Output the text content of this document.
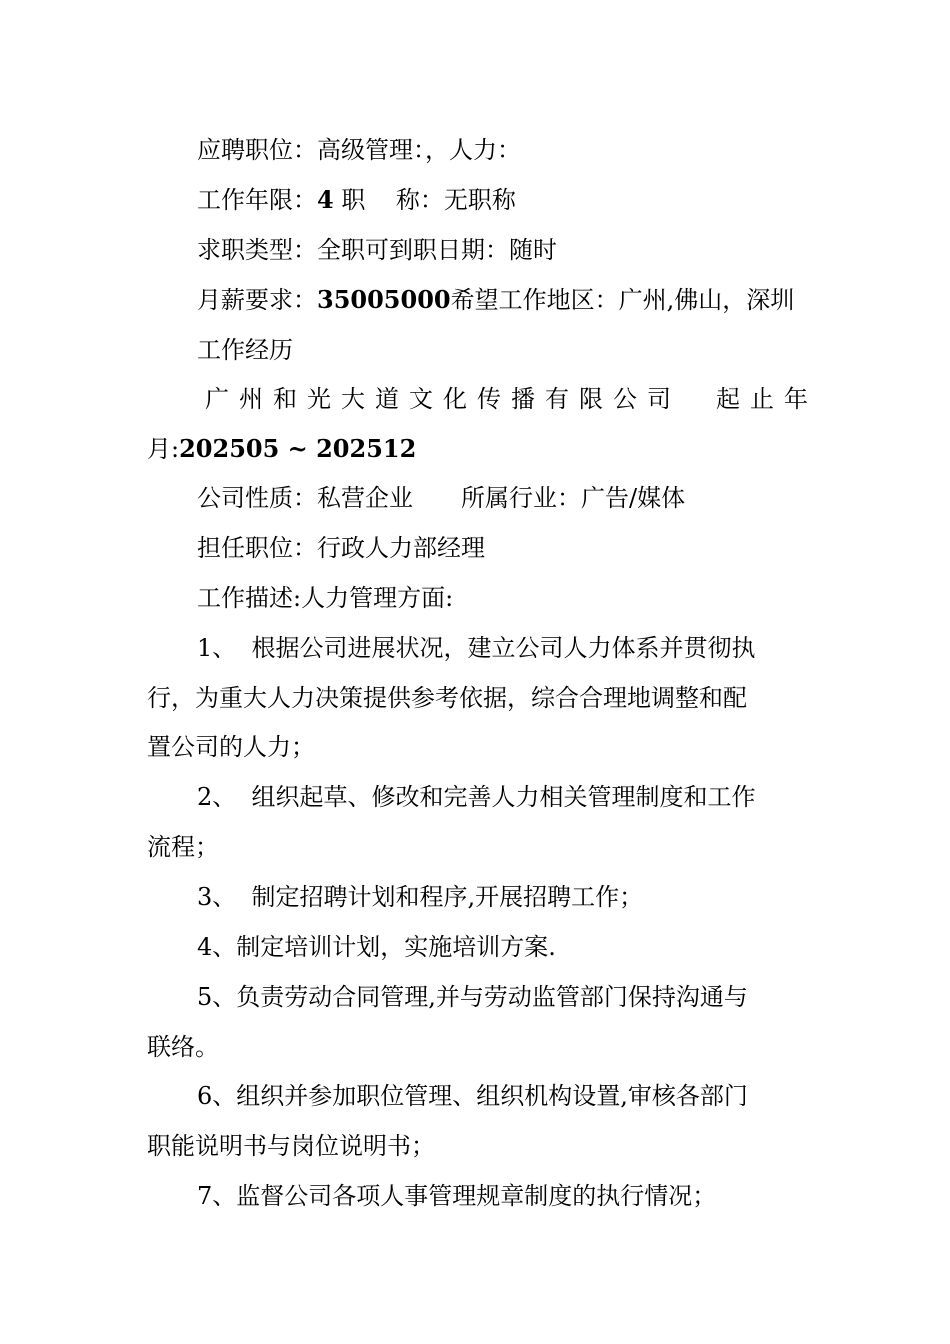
应聘职位：高级管理：，人力：

工作年限：4 职    称：无职称

求职类型：全职可到职日期：随时

月薪要求：35005000希望工作地区：广州,佛山，深圳

工作经历

广州和光大道文化传播有限公司 起止年

月:202505 ~ 202512

公司性质：私营企业 所属行业：广告/媒体

担任职位：行政人力部经理

工作描述:人力管理方面:

1、  根据公司进展状况，建立公司人力体系并贯彻执

行，为重大人力决策提供参考依据，综合合理地调整和配

置公司的人力；

2、  组织起草、修改和完善人力相关管理制度和工作

流程；

3、  制定招聘计划和程序,开展招聘工作；

4、制定培训计划，实施培训方案.

5、负责劳动合同管理,并与劳动监管部门保持沟通与

联络。

6、组织并参加职位管理、组织机构设置,审核各部门

职能说明书与岗位说明书；

7、监督公司各项人事管理规章制度的执行情况；
